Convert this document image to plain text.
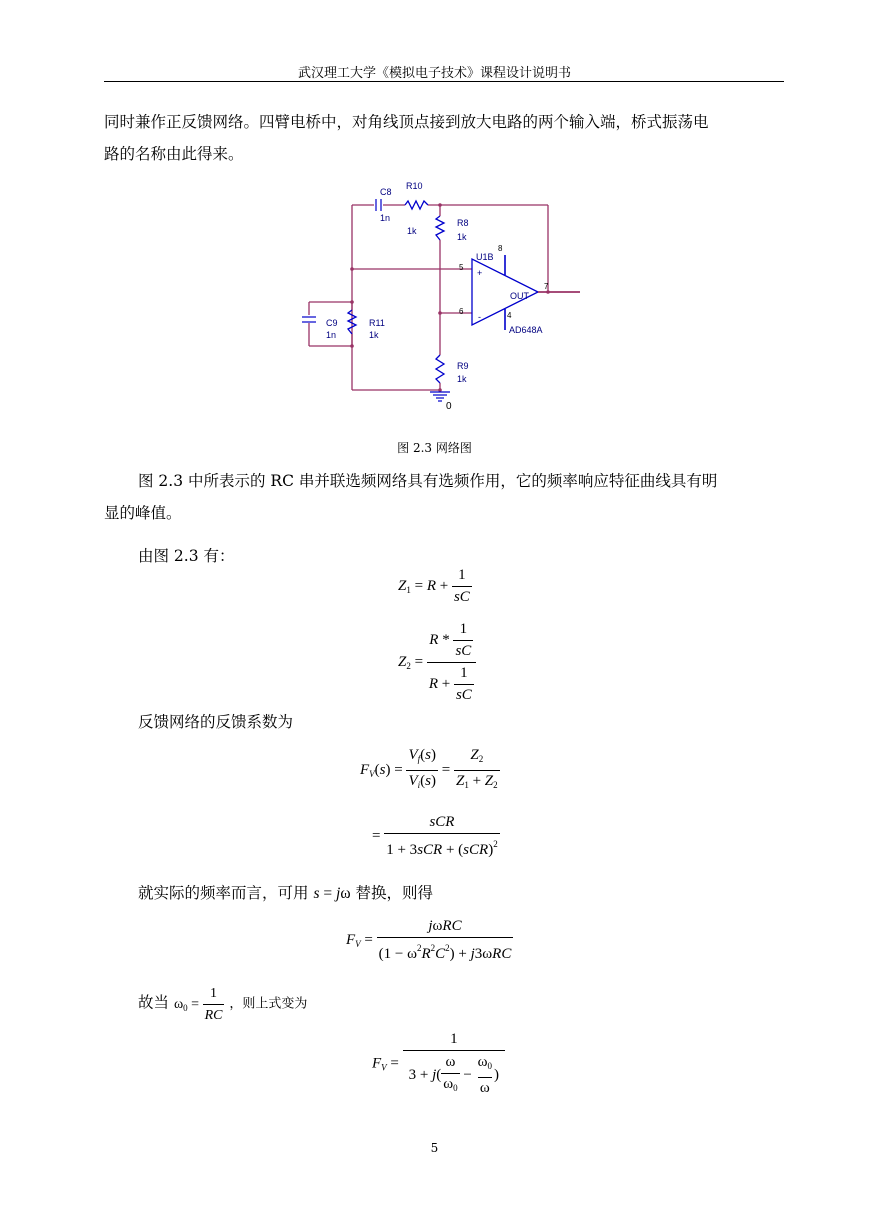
武汉理工大学《模拟电子技术》课程设计说明书
同时兼作正反馈网络。四臂电桥中，对角线顶点接到放大电路的两个输入端，桥式振荡电
路的名称由此得来。
C8
1n
R10
1k
R8
1k
C9
1n
R11
1k
R9
1k
U1B
OUT
AD648A
+
-
0
5
6
7
8
4
图 2.3 网络图
图 2.3 中所表示的 RC 串并联选频网络具有选频作用，它的频率响应特征曲线具有明
显的峰值。
由图 2.3 有：
$Z_1 = R + \frac{1}{sC}$
$Z_2 = \frac{R * \frac{1}{sC}}{R + \frac{1}{sC}}$
反馈网络的反馈系数为
$F_V(s) = \frac{V_f(s)}{V_i(s)} = \frac{Z_2}{Z_1 + Z_2}$
= $\frac{\text{sCR}}{1 + 3sCR + (sCR)^2}$
就实际的频率而言，可用 s = jω 替换，则得
$F_V = \frac{\text{jωRC}}{(1 - \omega^2R^2C^2) + j3\omega RC}$
故当 $\omega_0 = \frac{1}{RC}$ ，则上式变为
$F_V = \frac{1}{3 + j ( \frac{\omega}{\omega_0} - \frac{\omega_0}{\omega} )}$
5
